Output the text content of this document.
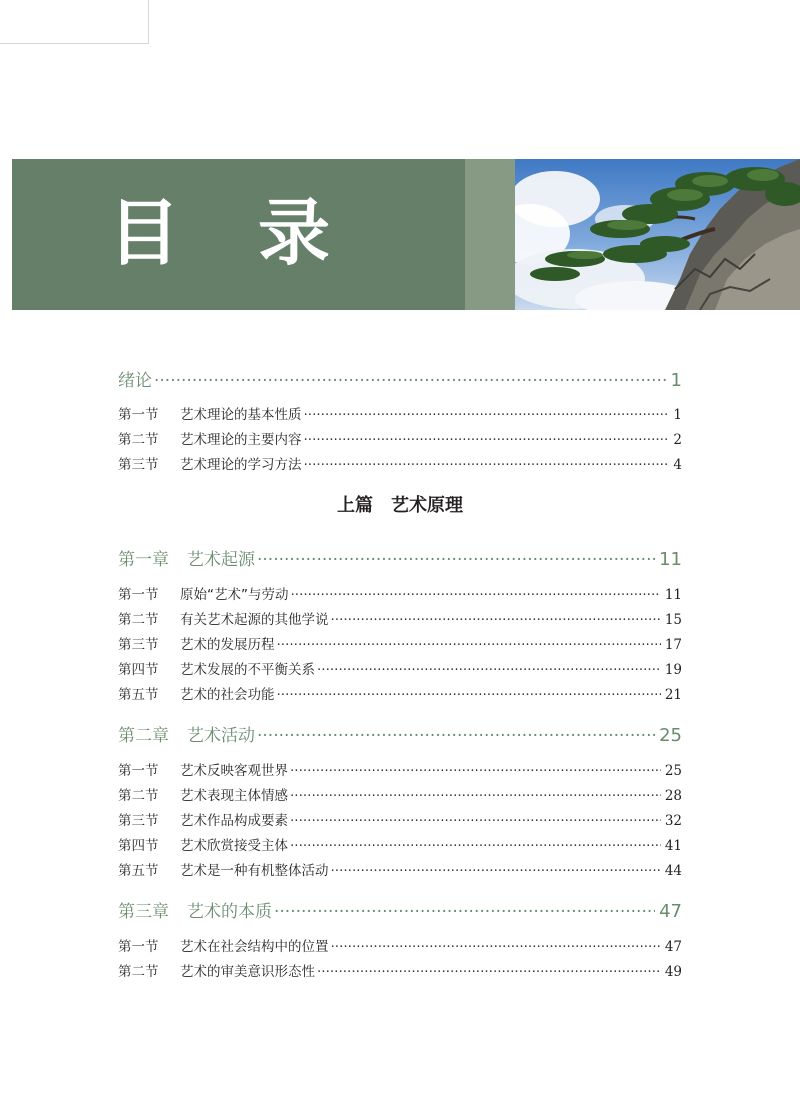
目 录
绪论 ·····	1
第一节	艺术理论的基本性质 ·····	1
第二节	艺术理论的主要内容 ·····	2
第三节	艺术理论的学习方法 ·····	4
上篇 艺术原理
第一章 艺术起源 ·····	11
第一节	原始“艺术”与劳动 ·····	11
第二节	有关艺术起源的其他学说 ·····	15
第三节	艺术的发展历程 ·····	17
第四节	艺术发展的不平衡关系 ·····	19
第五节	艺术的社会功能 ·····	21
第二章 艺术活动 ·····	25
第一节	艺术反映客观世界 ·····	25
第二节	艺术表现主体情感 ·····	28
第三节	艺术作品构成要素 ·····	32
第四节	艺术欣赏接受主体 ·····	41
第五节	艺术是一种有机整体活动 ·····	44
第三章 艺术的本质 ·····	47
第一节	艺术在社会结构中的位置 ·····	47
第二节	艺术的审美意识形态性 ·····	49
